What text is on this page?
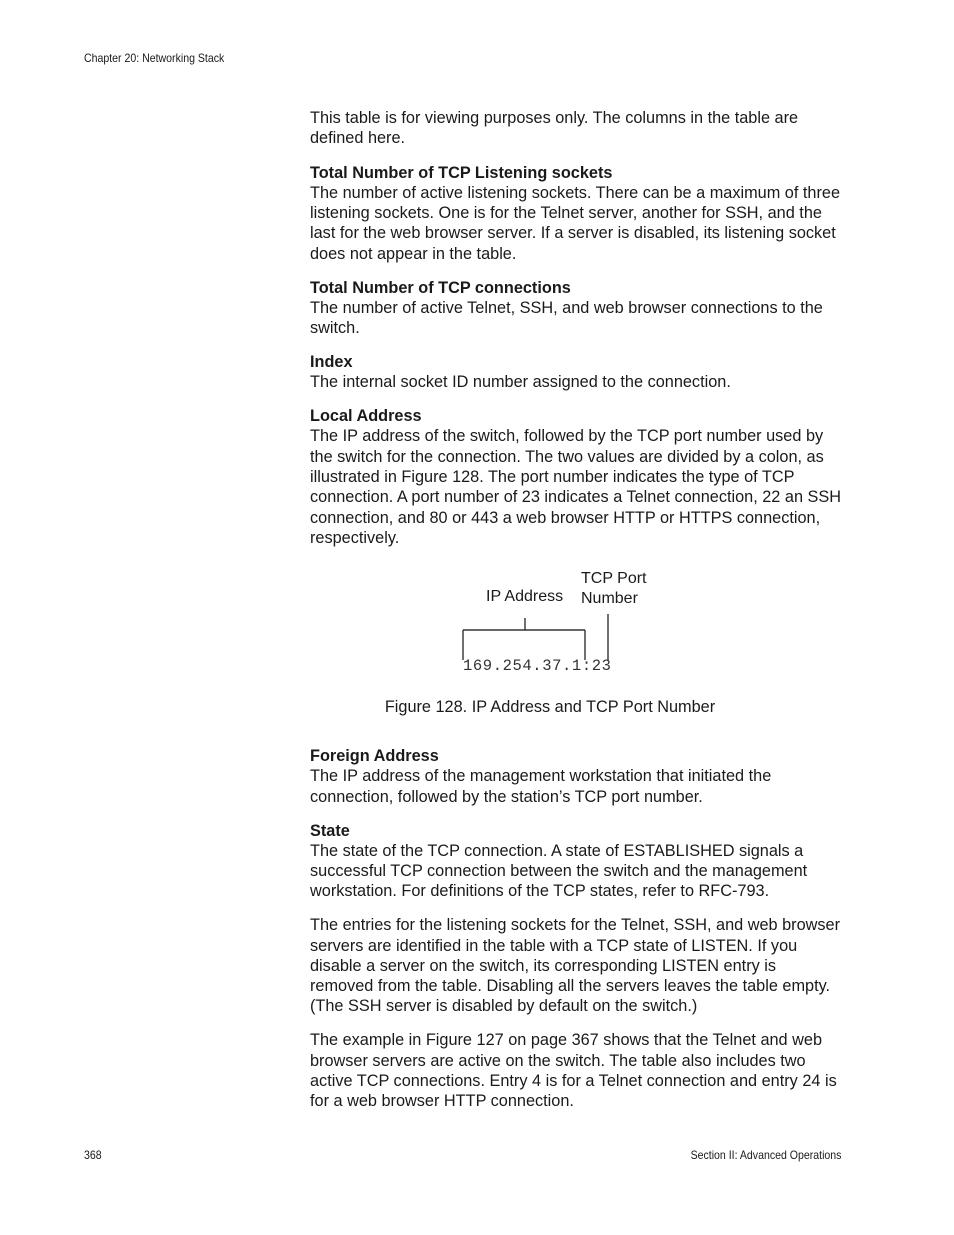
Chapter 20: Networking Stack

This table is for viewing purposes only. The columns in the table are defined here.

Total Number of TCP Listening sockets
The number of active listening sockets. There can be a maximum of three listening sockets. One is for the Telnet server, another for SSH, and the last for the web browser server. If a server is disabled, its listening socket does not appear in the table.
Total Number of TCP connections
The number of active Telnet, SSH, and web browser connections to the switch.
Index
The internal socket ID number assigned to the connection.
Local Address
The IP address of the switch, followed by the TCP port number used by the switch for the connection. The two values are divided by a colon, as illustrated in Figure 128. The port number indicates the type of TCP connection. A port number of 23 indicates a Telnet connection, 22 an SSH connection, and 80 or 443 a web browser HTTP or HTTPS connection, respectively.
IP Address
TCP Port
Number
169.254.37.1:23
Figure 128. IP Address and TCP Port Number
Foreign Address
The IP address of the management workstation that initiated the connection, followed by the station’s TCP port number.
State
The state of the TCP connection. A state of ESTABLISHED signals a successful TCP connection between the switch and the management workstation. For definitions of the TCP states, refer to RFC-793.

The entries for the listening sockets for the Telnet, SSH, and web browser servers are identified in the table with a TCP state of LISTEN. If you disable a server on the switch, its corresponding LISTEN entry is removed from the table. Disabling all the servers leaves the table empty. (The SSH server is disabled by default on the switch.)

The example in Figure 127 on page 367 shows that the Telnet and web browser servers are active on the switch. The table also includes two active TCP connections. Entry 4 is for a Telnet connection and entry 24 is for a web browser HTTP connection.

368	Section II: Advanced Operations
